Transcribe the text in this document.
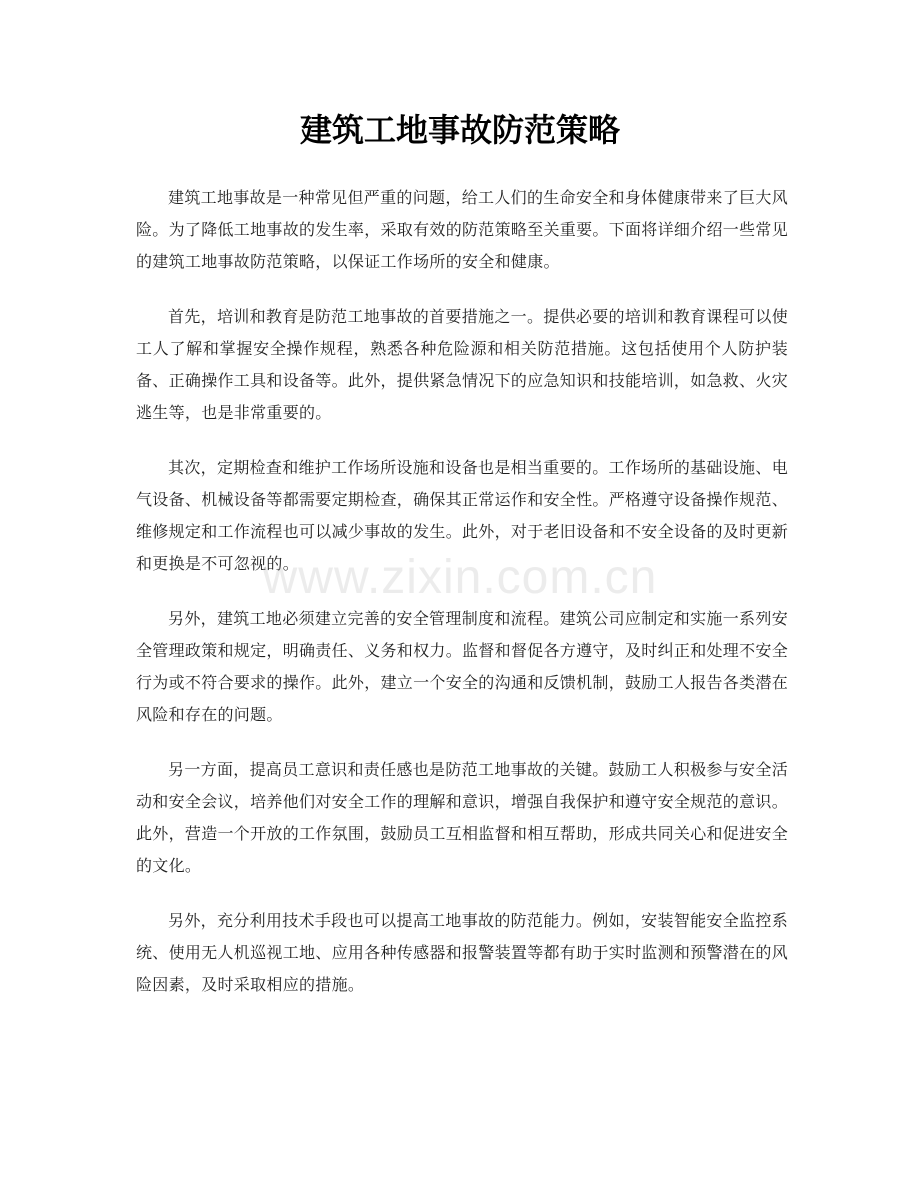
建筑工地事故防范策略

建筑工地事故是一种常见但严重的问题，给工人们的生命安全和身体健康带来了巨大风险。为了降低工地事故的发生率，采取有效的防范策略至关重要。下面将详细介绍一些常见的建筑工地事故防范策略，以保证工作场所的安全和健康。

首先，培训和教育是防范工地事故的首要措施之一。提供必要的培训和教育课程可以使工人了解和掌握安全操作规程，熟悉各种危险源和相关防范措施。这包括使用个人防护装备、正确操作工具和设备等。此外，提供紧急情况下的应急知识和技能培训，如急救、火灾逃生等，也是非常重要的。

其次，定期检查和维护工作场所设施和设备也是相当重要的。工作场所的基础设施、电气设备、机械设备等都需要定期检查，确保其正常运作和安全性。严格遵守设备操作规范、维修规定和工作流程也可以减少事故的发生。此外，对于老旧设备和不安全设备的及时更新和更换是不可忽视的。

另外，建筑工地必须建立完善的安全管理制度和流程。建筑公司应制定和实施一系列安全管理政策和规定，明确责任、义务和权力。监督和督促各方遵守，及时纠正和处理不安全行为或不符合要求的操作。此外，建立一个安全的沟通和反馈机制，鼓励工人报告各类潜在风险和存在的问题。

另一方面，提高员工意识和责任感也是防范工地事故的关键。鼓励工人积极参与安全活动和安全会议，培养他们对安全工作的理解和意识，增强自我保护和遵守安全规范的意识。此外，营造一个开放的工作氛围，鼓励员工互相监督和相互帮助，形成共同关心和促进安全的文化。

另外，充分利用技术手段也可以提高工地事故的防范能力。例如，安装智能安全监控系统、使用无人机巡视工地、应用各种传感器和报警装置等都有助于实时监测和预警潜在的风险因素，及时采取相应的措施。

www.zixin.com.cn
